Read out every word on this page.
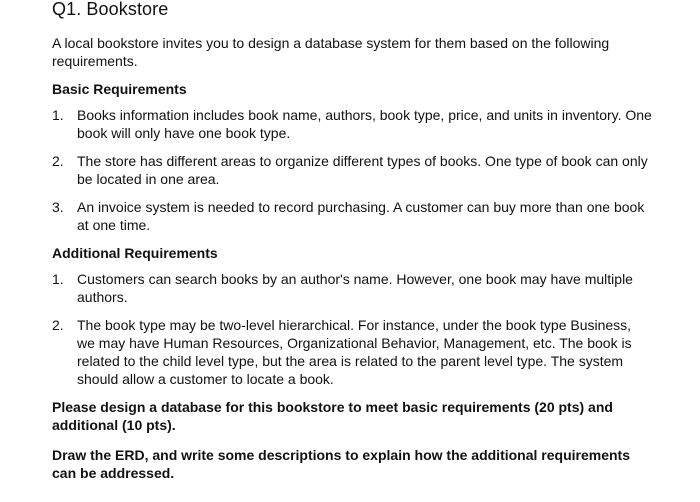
Q1. Bookstore

A local bookstore invites you to design a database system for them based on the following requirements.

Basic Requirements

1. Books information includes book name, authors, book type, price, and units in inventory. One book will only have one book type.
2. The store has different areas to organize different types of books. One type of book can only be located in one area.
3. An invoice system is needed to record purchasing. A customer can buy more than one book at one time.

Additional Requirements

1. Customers can search books by an author's name. However, one book may have multiple authors.
2. The book type may be two-level hierarchical. For instance, under the book type Business, we may have Human Resources, Organizational Behavior, Management, etc. The book is related to the child level type, but the area is related to the parent level type. The system should allow a customer to locate a book.

Please design a database for this bookstore to meet basic requirements (20 pts) and additional (10 pts).

Draw the ERD, and write some descriptions to explain how the additional requirements can be addressed.
